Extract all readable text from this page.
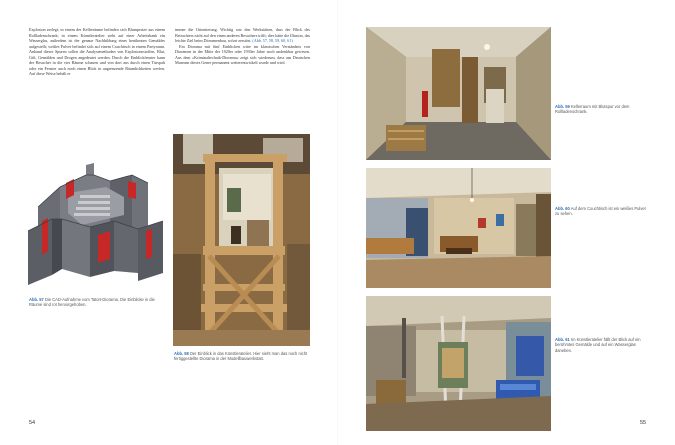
Explosion zerlegt; in einem der Kellerräume befinden sich Blumpertze aus einem Rollladenschrank; in einem Künstleratelier steht auf einer Arbeitsbank ein Wasserglas, außerdem ist der genaue Nachbildung eines berühmten Gemäldes aufgestellt; weißes Pulver befindet sich auf einem Couchtisch in einem Partyraum. Anhand dieser Spuren sollen die Analysemethoden von Explosionsstoffen, Blut, Gift, Gemälden und Drogen angedeutet werden. Durch die Einblickfenster kann der Besucher in die vier Räume schauen und von dort aus durch einen Türspalt oder ein Fenster auch noch einen Blick in angrenzende Räumlichkeiten werfen. Auf diese Weise behält er

immer die Orientierung. Wichtig war den Werkstätten, dass der Blick des Betrachters nicht auf den einen anderen Besuchers trifft; dies hätte die Illusion, das leichte Ziel beim Dioramenbau, sofort zerstört. (Abb. 57, 58, 59, 60, 61)

Ein Diorama mit fünf Einblicken wäre im klassischen Verständnis von Dioramen in der Mitte der 1920er oder 1930er Jahre noch undenkbar gewesen. Aus dem »Kriminaltechnik-Diorama« zeigt sich wiederum, dass am Deutschen Museum dieses Genre permanent weiterentwickelt wurde und wird.

Abb. 57 Die CAD-Aufnahme vom Tatort-Diorama. Die Einblicke in die Räume sind rot hervorgehoben.
Abb. 58 Der Einblick in das Künstleratelier. Hier sieht man das noch nicht fertiggestellte Diorama in der Modellbauwerkstatt.
54
Abb. 59 Kellerraum mit Blutspur vor dem Rollladenschrank.
Abb. 60 Auf dem Couchtisch ist ein weißes Pulver zu sehen.
Abb. 61 Im Künstleratelier fällt der Blick auf ein berühmtes Gemälde und auf ein Wasserglas daneben.
55
